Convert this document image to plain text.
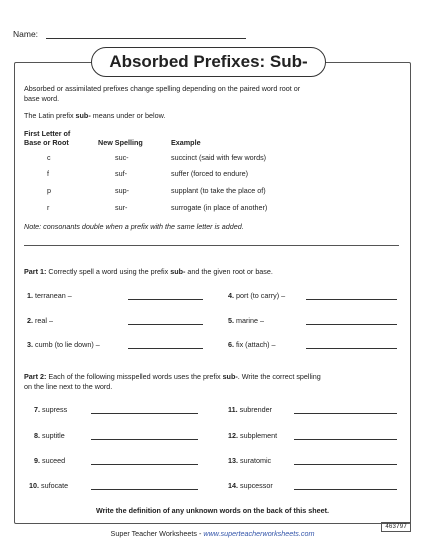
Name:
Absorbed Prefixes: Sub-
Absorbed or assimilated prefixes change spelling depending on the paired word root or
base word.
The Latin prefix sub- means under or below.
First Letter of
Base or Root	New Spelling	Example
c	suc-	succinct (said with few words)
f	suf-	suffer (forced to endure)
p	sup-	supplant (to take the place of)
r	sur-	surrogate (in place of another)
Note: consonants double when a prefix with the same letter is added.
Part 1: Correctly spell a word using the prefix sub- and the given root or base.
1. terranean –	4. port (to carry) –
2. real –	5. marine –
3. cumb (to lie down) –	6. fix (attach) –
Part 2: Each of the following misspelled words uses the prefix sub-. Write the correct spelling
on the line next to the word.
7. supress	11. subrender
8. suptitle	12. subplement
9. suceed	13. suratomic
10. sufocate	14. supcessor
Write the definition of any unknown words on the back of this sheet.
463797
Super Teacher Worksheets - www.superteacherworksheets.com
